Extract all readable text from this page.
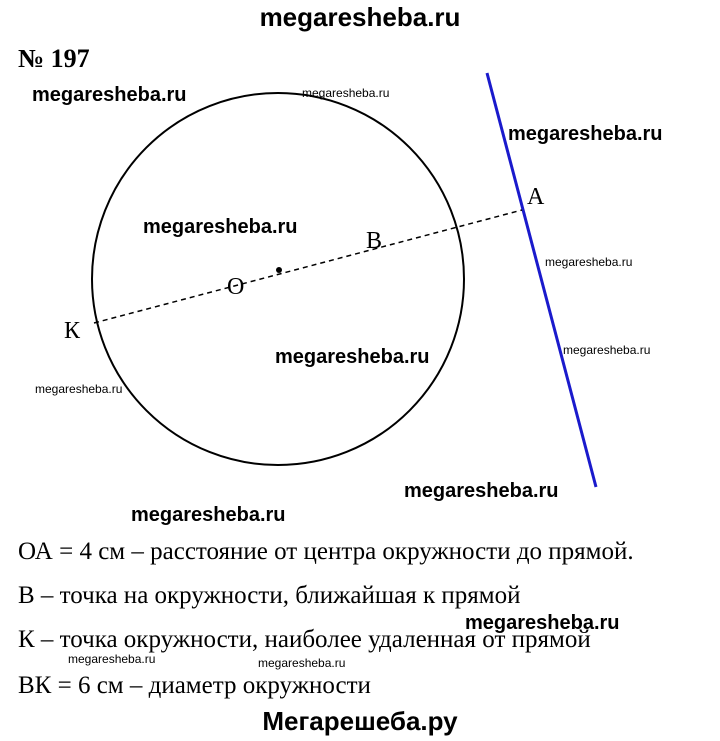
megaresheba.ru
№ 197
А
В
О
К
megaresheba.ru	megaresheba.ru
megaresheba.ru
megaresheba.ru
megaresheba.ru
megaresheba.ru
megaresheba.ru
megaresheba.ru
megaresheba.ru
megaresheba.ru
megaresheba.ru
megaresheba.ru	megaresheba.ru
ОА = 4 см – расстояние от центра окружности до прямой.
В – точка на окружности, ближайшая к прямой
К – точка окружности, наиболее удаленная от прямой
ВК = 6 см – диаметр окружности
Мегарешеба.ру
